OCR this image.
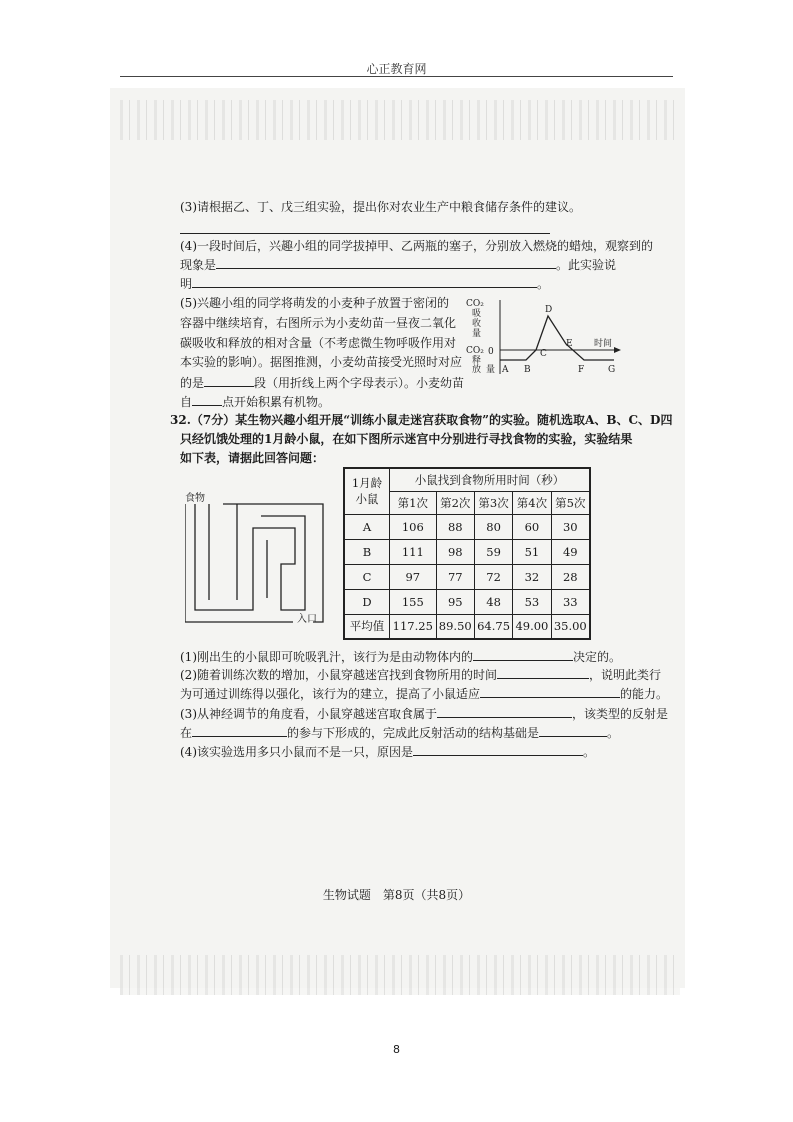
心正教育网
(3)请根据乙、丁、戊三组实验，提出你对农业生产中粮食储存条件的建议。
(4)一段时间后，兴趣小组的同学拔掉甲、乙两瓶的塞子，分别放入燃烧的蜡烛，观察到的
现象是	。此实验说
明	。
(5)兴趣小组的同学将萌发的小麦种子放置于密闭的
容器中继续培育，右图所示为小麦幼苗一昼夜二氧化
碳吸收和释放的相对含量（不考虑微生物呼吸作用对
本实验的影响）。据图推测，小麦幼苗接受光照时对应
的是	段（用折线上两个字母表示）。小麦幼苗
自	点开始积累有机物。
CO₂
吸
收
量
0
CO₂
释
放 量 A B
C
D
E
F	G
时间
32.（7分）某生物兴趣小组开展“训练小鼠走迷宫获取食物”的实验。随机选取A、B、C、D四
只经饥饿处理的1月龄小鼠，在如下图所示迷宫中分别进行寻找食物的实验，实验结果
如下表，请据此回答问题：
食物
入口
1月龄
小鼠	小鼠找到食物所用时间（秒）				
	第1次	第2次	第3次	第4次	第5次
A	106	88	80	60	30
B	111	98	59	51	49
C	97	77	72	32	28
D	155	95	48	53	33
平均值	117.25	89.50	64.75	49.00	35.00
(1)刚出生的小鼠即可吮吸乳汁，该行为是由动物体内的	决定的。
(2)随着训练次数的增加，小鼠穿越迷宫找到食物所用的时间	，说明此类行
为可通过训练得以强化，该行为的建立，提高了小鼠适应	的能力。
(3)从神经调节的角度看，小鼠穿越迷宫取食属于	，该类型的反射是
在	的参与下形成的，完成此反射活动的结构基础是	。
(4)该实验选用多只小鼠而不是一只，原因是	。
生物试题　第8页（共8页）
8
